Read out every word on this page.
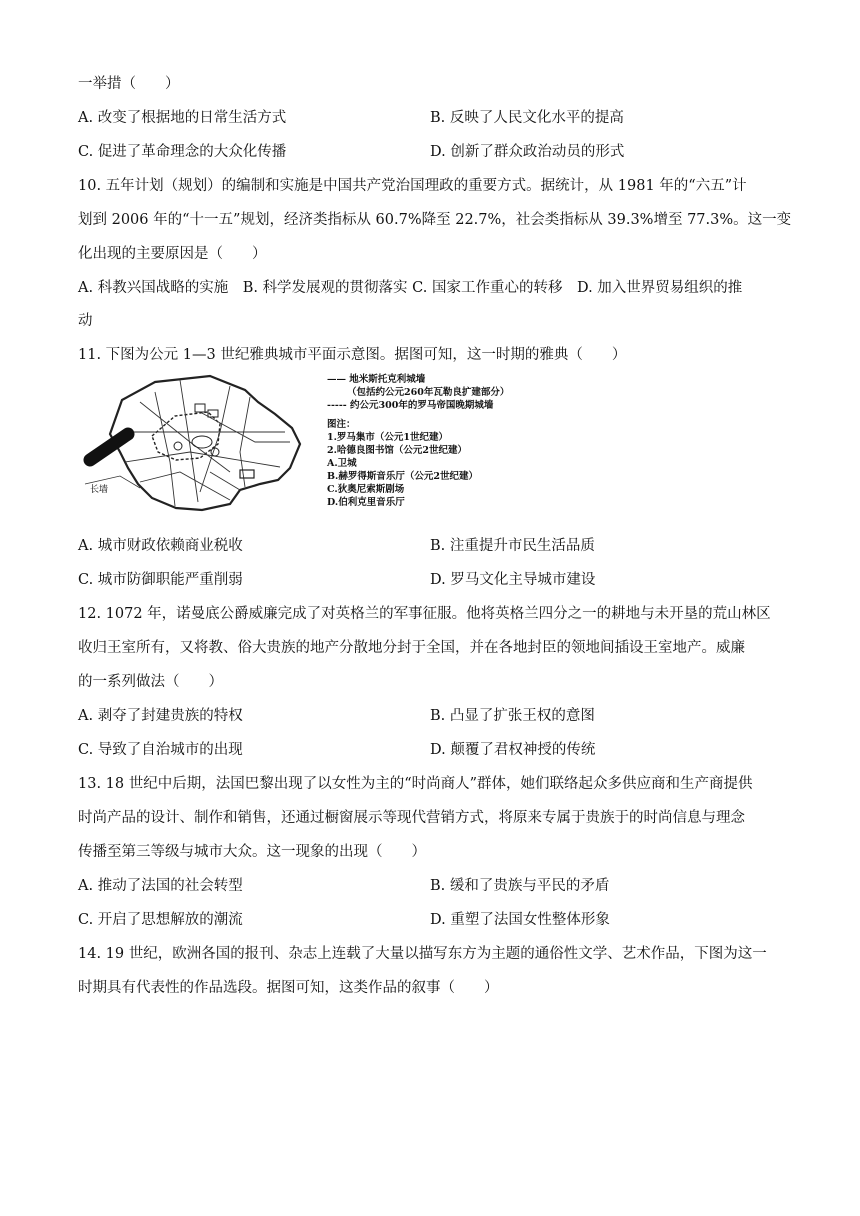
一举措（　　）
A. 改变了根据地的日常生活方式	B. 反映了人民文化水平的提高
C. 促进了革命理念的大众化传播	D. 创新了群众政治动员的形式
10. 五年计划（规划）的编制和实施是中国共产党治国理政的重要方式。据统计，从 1981 年的“六五”计
划到 2006 年的“十一五”规划，经济类指标从 60.7%降至 22.7%，社会类指标从 39.3%增至 77.3%。这一变
化出现的主要原因是（　　）
A. 科教兴国战略的实施　B. 科学发展观的贯彻落实 C. 国家工作重心的转移　D. 加入世界贸易组织的推
动
11. 下图为公元 1—3 世纪雅典城市平面示意图。据图可知，这一时期的雅典（　　）
长墙
—— 地米斯托克利城墙
（包括约公元260年瓦勒良扩建部分）
----- 约公元300年的罗马帝国晚期城墙
图注：
1.罗马集市（公元1世纪建）
2.哈德良图书馆（公元2世纪建）
A.卫城
B.赫罗得斯音乐厅（公元2世纪建）
C.狄奥尼索斯剧场
D.伯利克里音乐厅
A. 城市财政依赖商业税收	B. 注重提升市民生活品质
C. 城市防御职能严重削弱	D. 罗马文化主导城市建设
12. 1072 年，诺曼底公爵威廉完成了对英格兰的军事征服。他将英格兰四分之一的耕地与未开垦的荒山林区
收归王室所有，又将教、俗大贵族的地产分散地分封于全国，并在各地封臣的领地间插设王室地产。威廉
的一系列做法（　　）
A. 剥夺了封建贵族的特权	B. 凸显了扩张王权的意图
C. 导致了自治城市的出现	D. 颠覆了君权神授的传统
13. 18 世纪中后期，法国巴黎出现了以女性为主的“时尚商人”群体，她们联络起众多供应商和生产商提供
时尚产品的设计、制作和销售，还通过橱窗展示等现代营销方式，将原来专属于贵族于的时尚信息与理念
传播至第三等级与城市大众。这一现象的出现（　　）
A. 推动了法国的社会转型	B. 缓和了贵族与平民的矛盾
C. 开启了思想解放的潮流	D. 重塑了法国女性整体形象
14. 19 世纪，欧洲各国的报刊、杂志上连载了大量以描写东方为主题的通俗性文学、艺术作品，下图为这一
时期具有代表性的作品选段。据图可知，这类作品的叙事（　　）
